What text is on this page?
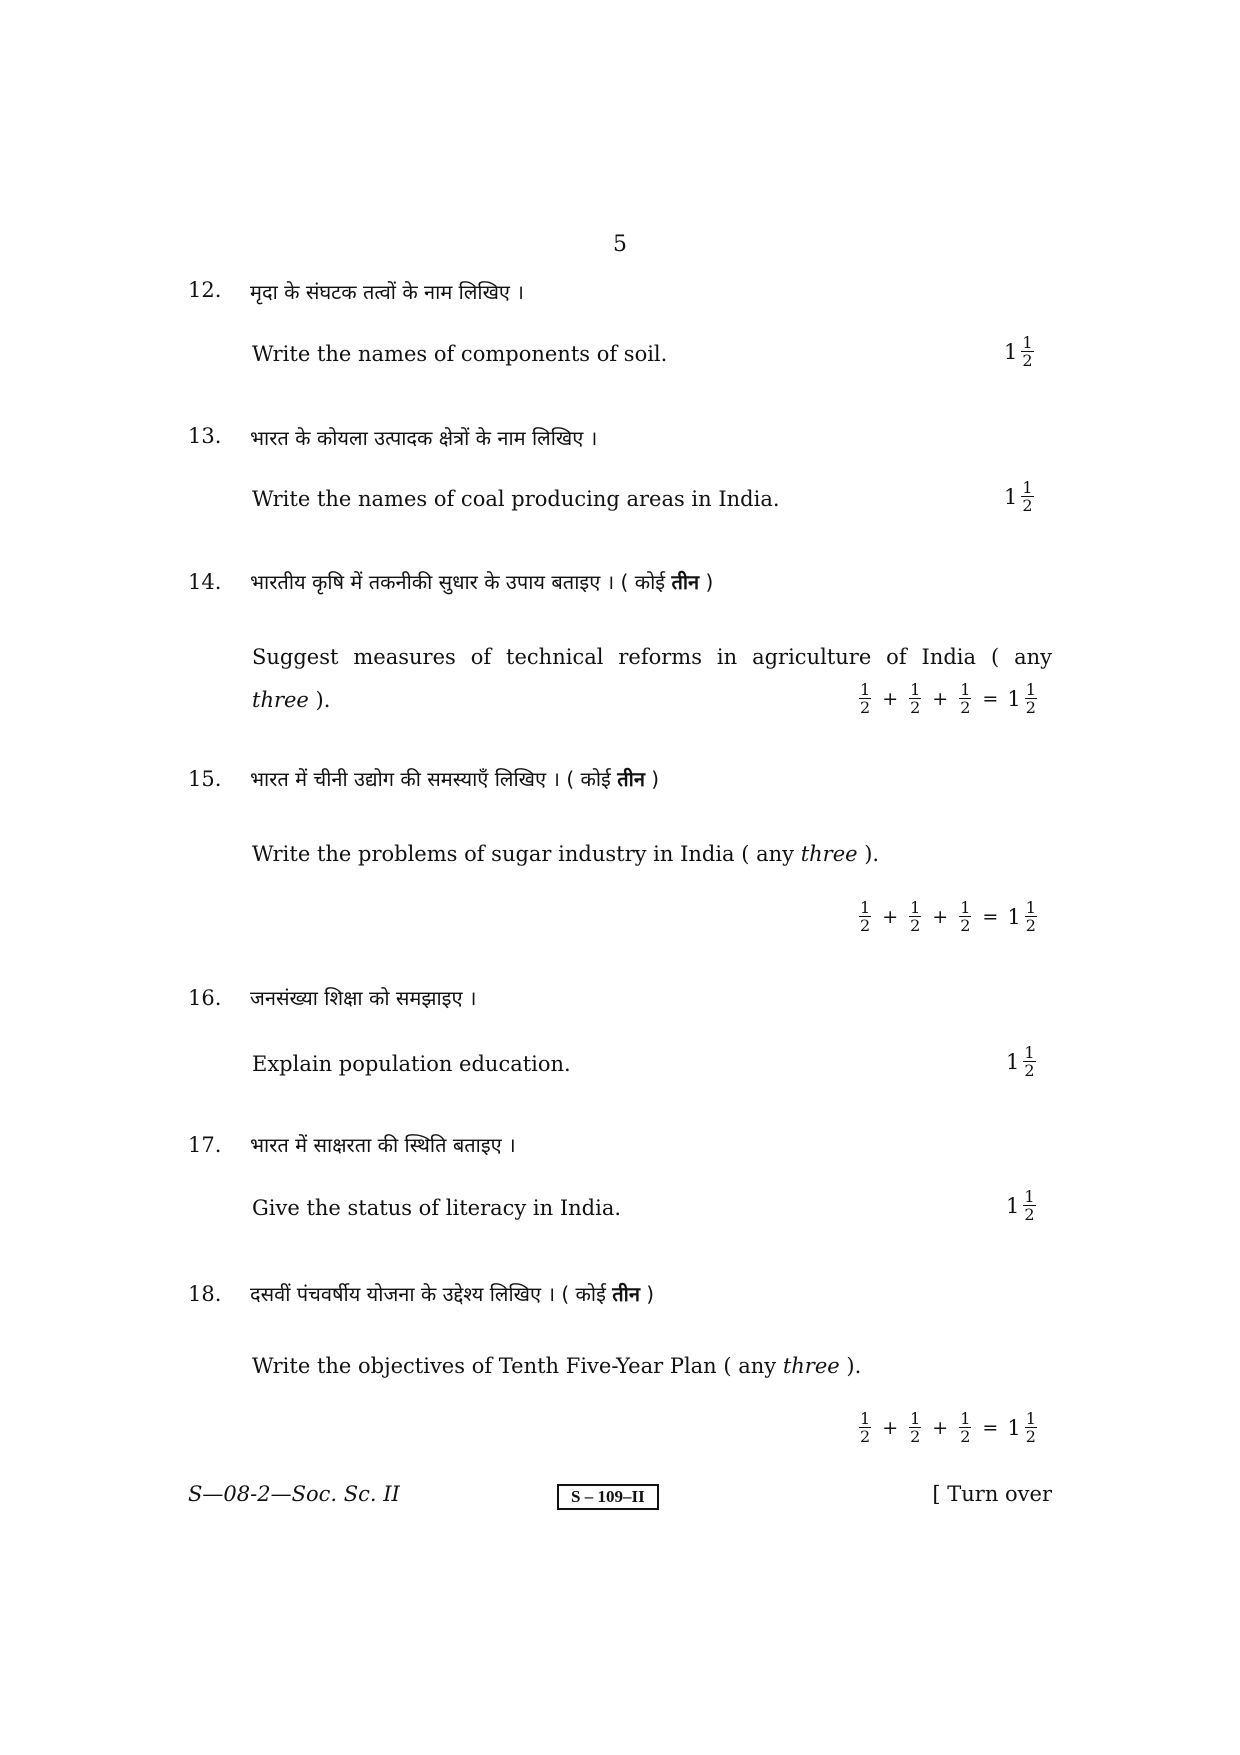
5
12. मृदा के संघटक तत्वों के नाम लिखिए ।
Write the names of components of soil.	$1 \frac{1}{2}$
13. भारत के कोयला उत्पादक क्षेत्रों के नाम लिखिए ।
Write the names of coal producing areas in India.	$1 \frac{1}{2}$
14. भारतीय कृषि में तकनीकी सुधार के उपाय बताइए । ( कोई तीन )
Suggest measures of technical reforms in agriculture of India ( any
three ).	$\frac{1}{2} + \frac{1}{2} + \frac{1}{2} = 1 \frac{1}{2}$
15. भारत में चीनी उद्योग की समस्याएँ लिखिए । ( कोई तीन )
Write the problems of sugar industry in India ( any three ).
$\frac{1}{2} + \frac{1}{2} + \frac{1}{2} = 1 \frac{1}{2}$
16. जनसंख्या शिक्षा को समझाइए ।
Explain population education.	$1 \frac{1}{2}$
17. भारत में साक्षरता की स्थिति बताइए ।
Give the status of literacy in India.	$1 \frac{1}{2}$
18. दसवीं पंचवर्षीय योजना के उद्देश्य लिखिए । ( कोई तीन )
Write the objectives of Tenth Five-Year Plan ( any three ).
$\frac{1}{2} + \frac{1}{2} + \frac{1}{2} = 1 \frac{1}{2}$
S—08-2—Soc. Sc. II	S – 109–II	[ Turn over
